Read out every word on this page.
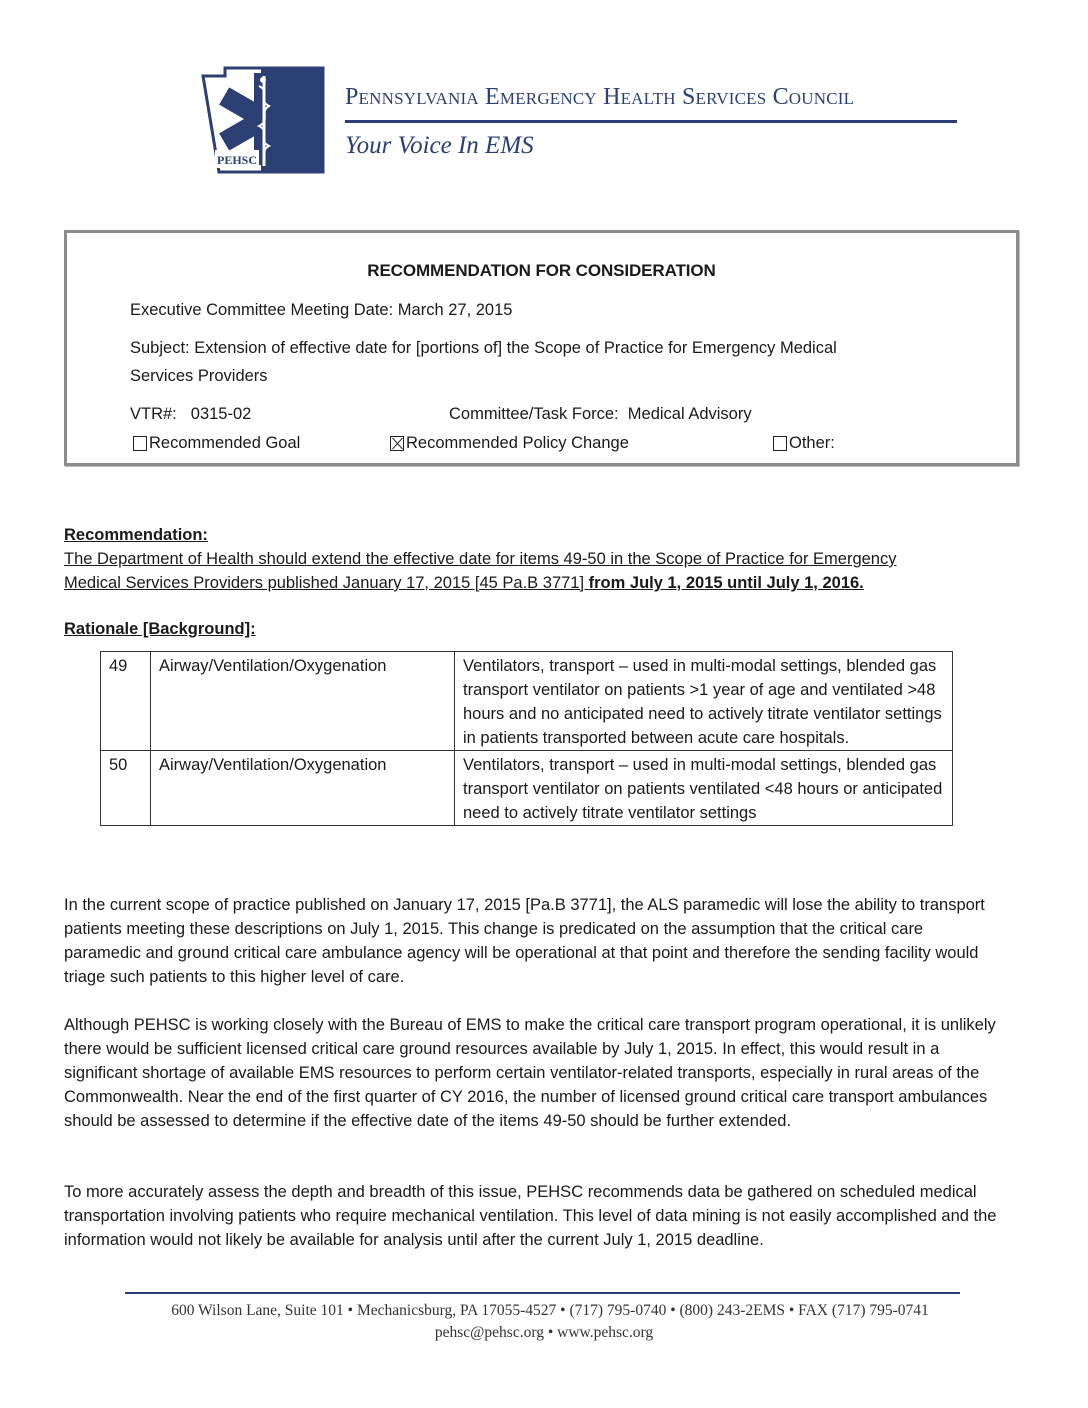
PEHSC
Pennsylvania Emergency Health Services Council
Your Voice In EMS
RECOMMENDATION FOR CONSIDERATION
Executive Committee Meeting Date: March 27, 2015
Subject: Extension of effective date for [portions of] the Scope of Practice for Emergency Medical
Services Providers
VTR#: 0315-02	Committee/Task Force: Medical Advisory
Recommended Goal	Recommended Policy Change	Other:
Recommendation:
The Department of Health should extend the effective date for items 49-50 in the Scope of Practice for Emergency
Medical Services Providers published January 17, 2015 [45 Pa.B 3771] from July 1, 2015 until July 1, 2016.
Rationale [Background]:
49	Airway/Ventilation/Oxygenation	Ventilators, transport – used in multi-modal settings, blended gas transport ventilator on patients >1 year of age and ventilated >48 hours and no anticipated need to actively titrate ventilator settings in patients transported between acute care hospitals.
50	Airway/Ventilation/Oxygenation	Ventilators, transport – used in multi-modal settings, blended gas transport ventilator on patients ventilated <48 hours or anticipated need to actively titrate ventilator settings

In the current scope of practice published on January 17, 2015 [Pa.B 3771], the ALS paramedic will lose the ability to transport patients meeting these descriptions on July 1, 2015. This change is predicated on the assumption that the critical care paramedic and ground critical care ambulance agency will be operational at that point and therefore the sending facility would triage such patients to this higher level of care.

Although PEHSC is working closely with the Bureau of EMS to make the critical care transport program operational, it is unlikely there would be sufficient licensed critical care ground resources available by July 1, 2015. In effect, this would result in a significant shortage of available EMS resources to perform certain ventilator-related transports, especially in rural areas of the Commonwealth. Near the end of the first quarter of CY 2016, the number of licensed ground critical care transport ambulances should be assessed to determine if the effective date of the items 49-50 should be further extended.

To more accurately assess the depth and breadth of this issue, PEHSC recommends data be gathered on scheduled medical transportation involving patients who require mechanical ventilation. This level of data mining is not easily accomplished and the information would not likely be available for analysis until after the current July 1, 2015 deadline.

600 Wilson Lane, Suite 101 • Mechanicsburg, PA 17055-4527 • (717) 795-0740 • (800) 243-2EMS • FAX (717) 795-0741
pehsc@pehsc.org • www.pehsc.org
